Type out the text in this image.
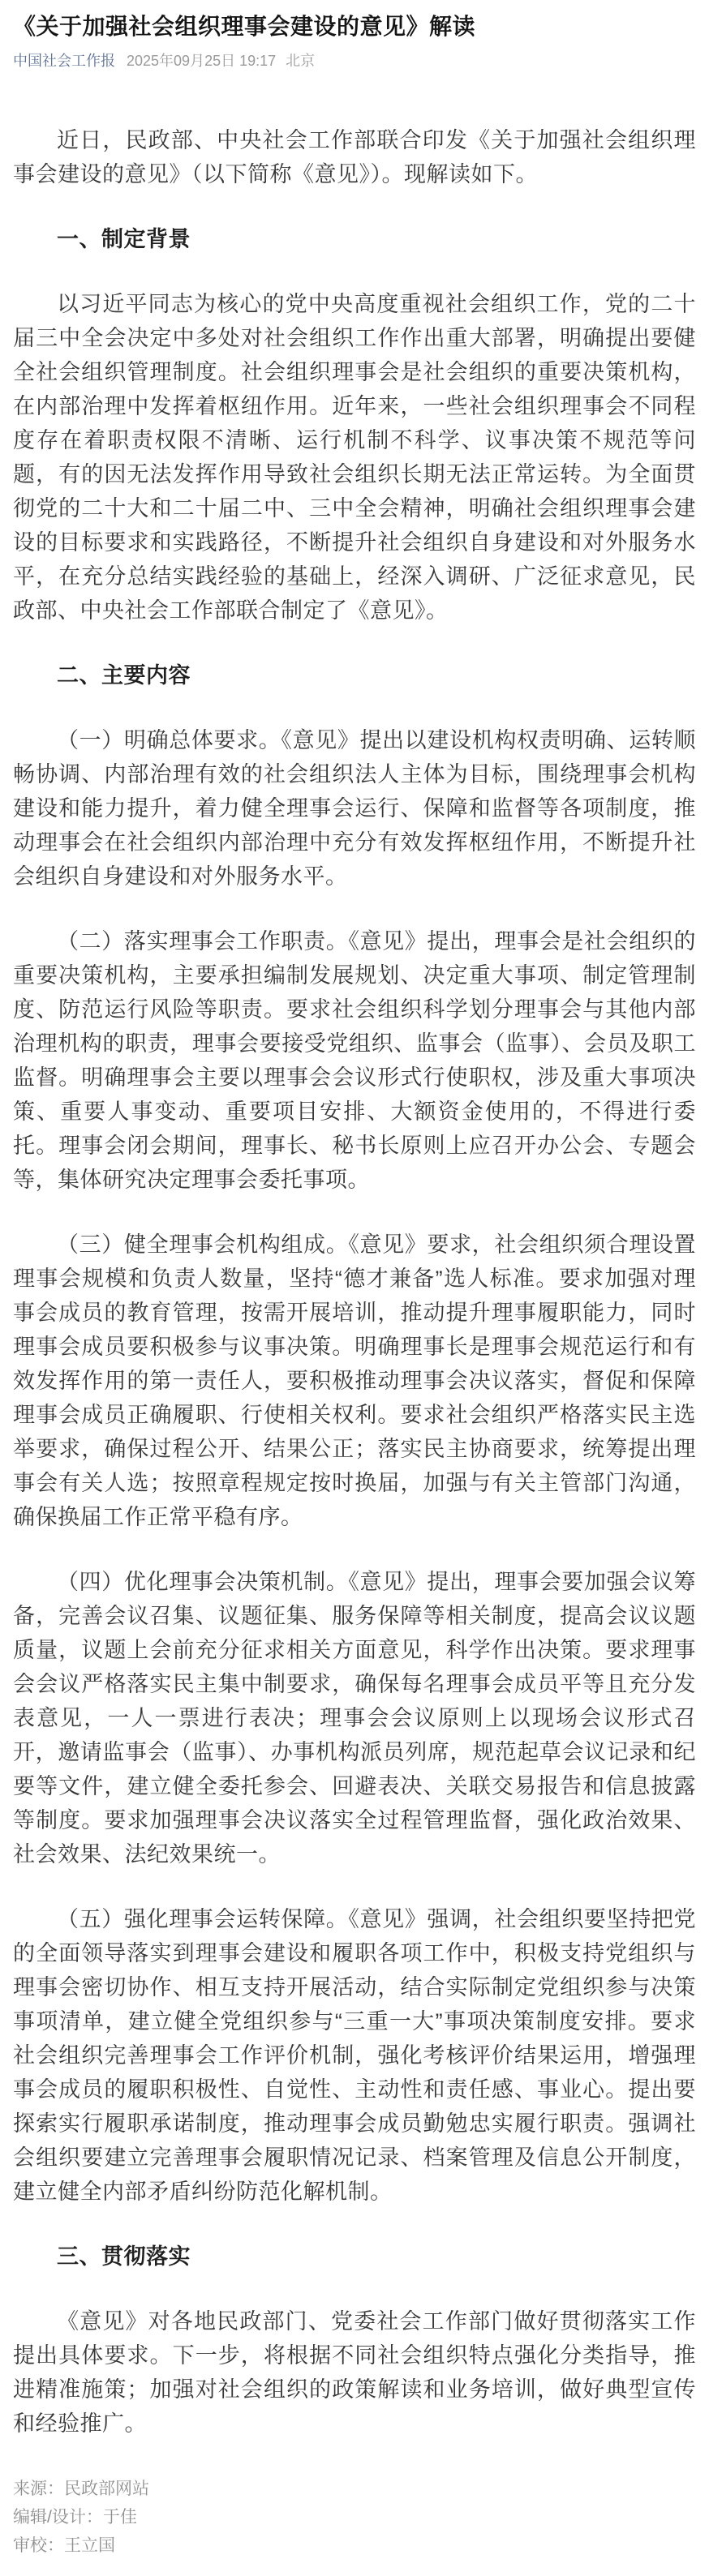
《关于加强社会组织理事会建设的意见》解读
中国社会工作报 2025年09月25日 19:17 北京

近日，民政部、中央社会工作部联合印发《关于加强社会组织理事会建设的意见》（以下简称《意见》）。现解读如下。

一、制定背景

以习近平同志为核心的党中央高度重视社会组织工作，党的二十届三中全会决定中多处对社会组织工作作出重大部署，明确提出要健全社会组织管理制度。社会组织理事会是社会组织的重要决策机构，在内部治理中发挥着枢纽作用。近年来，一些社会组织理事会不同程度存在着职责权限不清晰、运行机制不科学、议事决策不规范等问题，有的因无法发挥作用导致社会组织长期无法正常运转。为全面贯彻党的二十大和二十届二中、三中全会精神，明确社会组织理事会建设的目标要求和实践路径，不断提升社会组织自身建设和对外服务水平，在充分总结实践经验的基础上，经深入调研、广泛征求意见，民政部、中央社会工作部联合制定了《意见》。

二、主要内容

（一）明确总体要求。《意见》提出以建设机构权责明确、运转顺畅协调、内部治理有效的社会组织法人主体为目标，围绕理事会机构建设和能力提升，着力健全理事会运行、保障和监督等各项制度，推动理事会在社会组织内部治理中充分有效发挥枢纽作用，不断提升社会组织自身建设和对外服务水平。

（二）落实理事会工作职责。《意见》提出，理事会是社会组织的重要决策机构，主要承担编制发展规划、决定重大事项、制定管理制度、防范运行风险等职责。要求社会组织科学划分理事会与其他内部治理机构的职责，理事会要接受党组织、监事会（监事）、会员及职工监督。明确理事会主要以理事会会议形式行使职权，涉及重大事项决策、重要人事变动、重要项目安排、大额资金使用的，不得进行委托。理事会闭会期间，理事长、秘书长原则上应召开办公会、专题会等，集体研究决定理事会委托事项。

（三）健全理事会机构组成。《意见》要求，社会组织须合理设置理事会规模和负责人数量，坚持“德才兼备”选人标准。要求加强对理事会成员的教育管理，按需开展培训，推动提升理事履职能力，同时理事会成员要积极参与议事决策。明确理事长是理事会规范运行和有效发挥作用的第一责任人，要积极推动理事会决议落实，督促和保障理事会成员正确履职、行使相关权利。要求社会组织严格落实民主选举要求，确保过程公开、结果公正；落实民主协商要求，统筹提出理事会有关人选；按照章程规定按时换届，加强与有关主管部门沟通，确保换届工作正常平稳有序。

（四）优化理事会决策机制。《意见》提出，理事会要加强会议筹备，完善会议召集、议题征集、服务保障等相关制度，提高会议议题质量，议题上会前充分征求相关方面意见，科学作出决策。要求理事会会议严格落实民主集中制要求，确保每名理事会成员平等且充分发表意见，一人一票进行表决；理事会会议原则上以现场会议形式召开，邀请监事会（监事）、办事机构派员列席，规范起草会议记录和纪要等文件，建立健全委托参会、回避表决、关联交易报告和信息披露等制度。要求加强理事会决议落实全过程管理监督，强化政治效果、社会效果、法纪效果统一。

（五）强化理事会运转保障。《意见》强调，社会组织要坚持把党的全面领导落实到理事会建设和履职各项工作中，积极支持党组织与理事会密切协作、相互支持开展活动，结合实际制定党组织参与决策事项清单，建立健全党组织参与“三重一大”事项决策制度安排。要求社会组织完善理事会工作评价机制，强化考核评价结果运用，增强理事会成员的履职积极性、自觉性、主动性和责任感、事业心。提出要探索实行履职承诺制度，推动理事会成员勤勉忠实履行职责。强调社会组织要建立完善理事会履职情况记录、档案管理及信息公开制度，建立健全内部矛盾纠纷防范化解机制。

三、贯彻落实

《意见》对各地民政部门、党委社会工作部门做好贯彻落实工作提出具体要求。下一步，将根据不同社会组织特点强化分类指导，推进精准施策；加强对社会组织的政策解读和业务培训，做好典型宣传和经验推广。

来源：民政部网站
编辑/设计：于佳
审校：王立国
